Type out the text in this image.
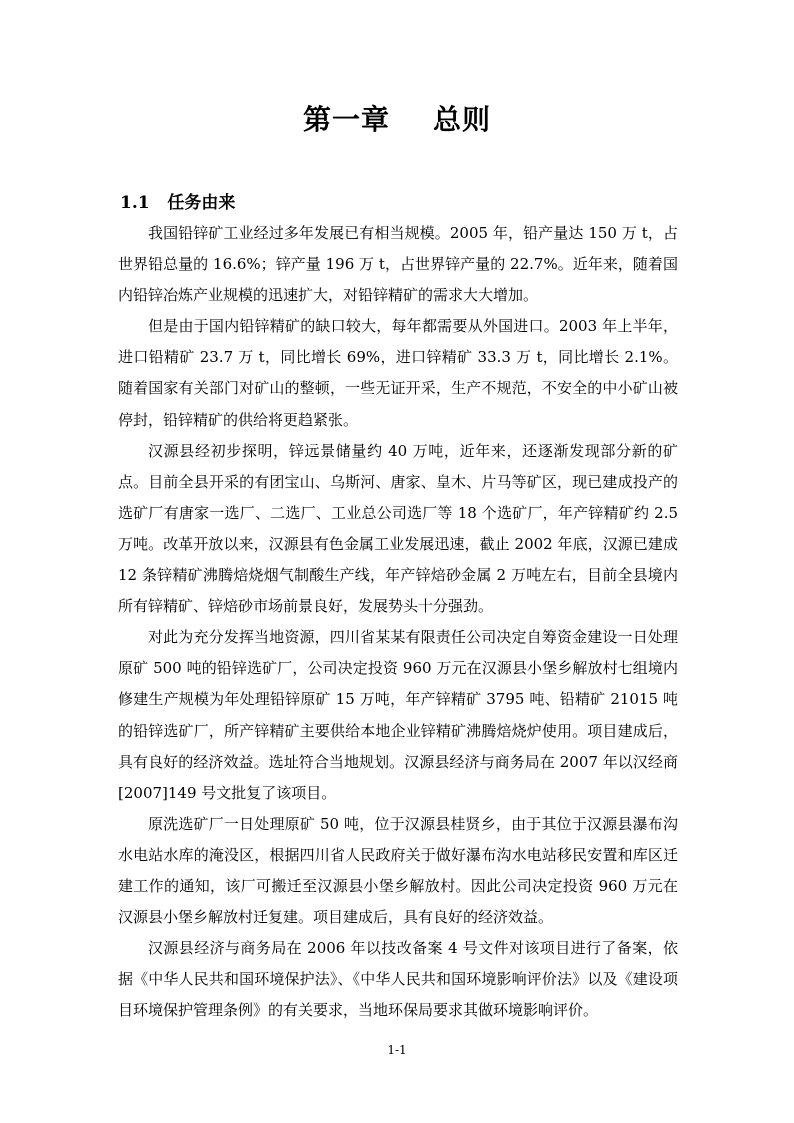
第一章    总则
1.1   任务由来

我国铅锌矿工业经过多年发展已有相当规模。2005 年，铅产量达 150 万 t，占世界铅总量的 16.6%；锌产量 196 万 t，占世界锌产量的 22.7%。近年来，随着国内铅锌冶炼产业规模的迅速扩大，对铅锌精矿的需求大大增加。

但是由于国内铅锌精矿的缺口较大，每年都需要从外国进口。2003 年上半年，进口铅精矿 23.7 万 t，同比增长 69%，进口锌精矿 33.3 万 t，同比增长 2.1%。随着国家有关部门对矿山的整顿，一些无证开采，生产不规范，不安全的中小矿山被停封，铅锌精矿的供给将更趋紧张。

汉源县经初步探明，锌远景储量约 40 万吨，近年来，还逐渐发现部分新的矿点。目前全县开采的有团宝山、乌斯河、唐家、皇木、片马等矿区，现已建成投产的选矿厂有唐家一选厂、二选厂、工业总公司选厂等 18 个选矿厂，年产锌精矿约 2.5 万吨。改革开放以来，汉源县有色金属工业发展迅速，截止 2002 年底，汉源已建成 12 条锌精矿沸腾焙烧烟气制酸生产线，年产锌焙砂金属 2 万吨左右，目前全县境内所有锌精矿、锌焙砂市场前景良好，发展势头十分强劲。

对此为充分发挥当地资源，四川省某某有限责任公司决定自筹资金建设一日处理原矿 500 吨的铅锌选矿厂，公司决定投资 960 万元在汉源县小堡乡解放村七组境内修建生产规模为年处理铅锌原矿 15 万吨，年产锌精矿 3795 吨、铅精矿 21015 吨的铅锌选矿厂，所产锌精矿主要供给本地企业锌精矿沸腾焙烧炉使用。项目建成后，具有良好的经济效益。选址符合当地规划。汉源县经济与商务局在 2007 年以汉经商[2007]149 号文批复了该项目。

原洗选矿厂一日处理原矿 50 吨，位于汉源县桂贤乡，由于其位于汉源县瀑布沟水电站水库的淹没区，根据四川省人民政府关于做好瀑布沟水电站移民安置和库区迁建工作的通知，该厂可搬迁至汉源县小堡乡解放村。因此公司决定投资 960 万元在汉源县小堡乡解放村迁复建。项目建成后，具有良好的经济效益。

汉源县经济与商务局在 2006 年以技改备案 4 号文件对该项目进行了备案，依据《中华人民共和国环境保护法》、《中华人民共和国环境影响评价法》以及《建设项目环境保护管理条例》的有关要求，当地环保局要求其做环境影响评价。

1-1
